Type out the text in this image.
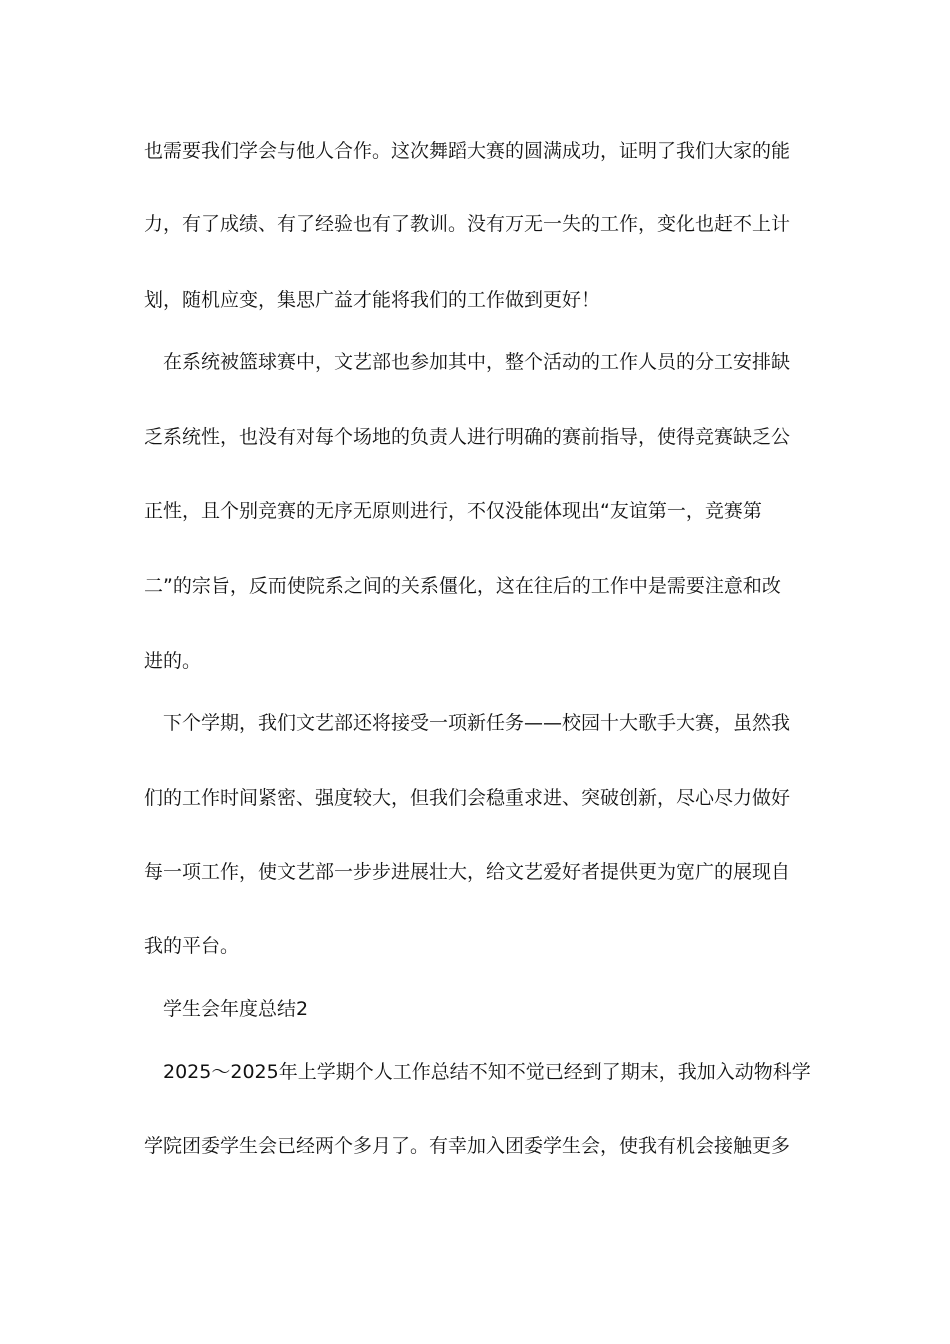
也需要我们学会与他人合作。这次舞蹈大赛的圆满成功，证明了我们大家的能
力，有了成绩、有了经验也有了教训。没有万无一失的工作，变化也赶不上计
划，随机应变，集思广益才能将我们的工作做到更好！
在系统被篮球赛中，文艺部也参加其中，整个活动的工作人员的分工安排缺
乏系统性，也没有对每个场地的负责人进行明确的赛前指导，使得竞赛缺乏公
正性，且个别竞赛的无序无原则进行，不仅没能体现出“友谊第一，竞赛第
二”的宗旨，反而使院系之间的关系僵化，这在往后的工作中是需要注意和改
进的。
下个学期，我们文艺部还将接受一项新任务——校园十大歌手大赛，虽然我
们的工作时间紧密、强度较大，但我们会稳重求进、突破创新，尽心尽力做好
每一项工作，使文艺部一步步进展壮大，给文艺爱好者提供更为宽广的展现自
我的平台。
学生会年度总结2
2025～2025年上学期个人工作总结不知不觉已经到了期末，我加入动物科学
学院团委学生会已经两个多月了。有幸加入团委学生会，使我有机会接触更多
